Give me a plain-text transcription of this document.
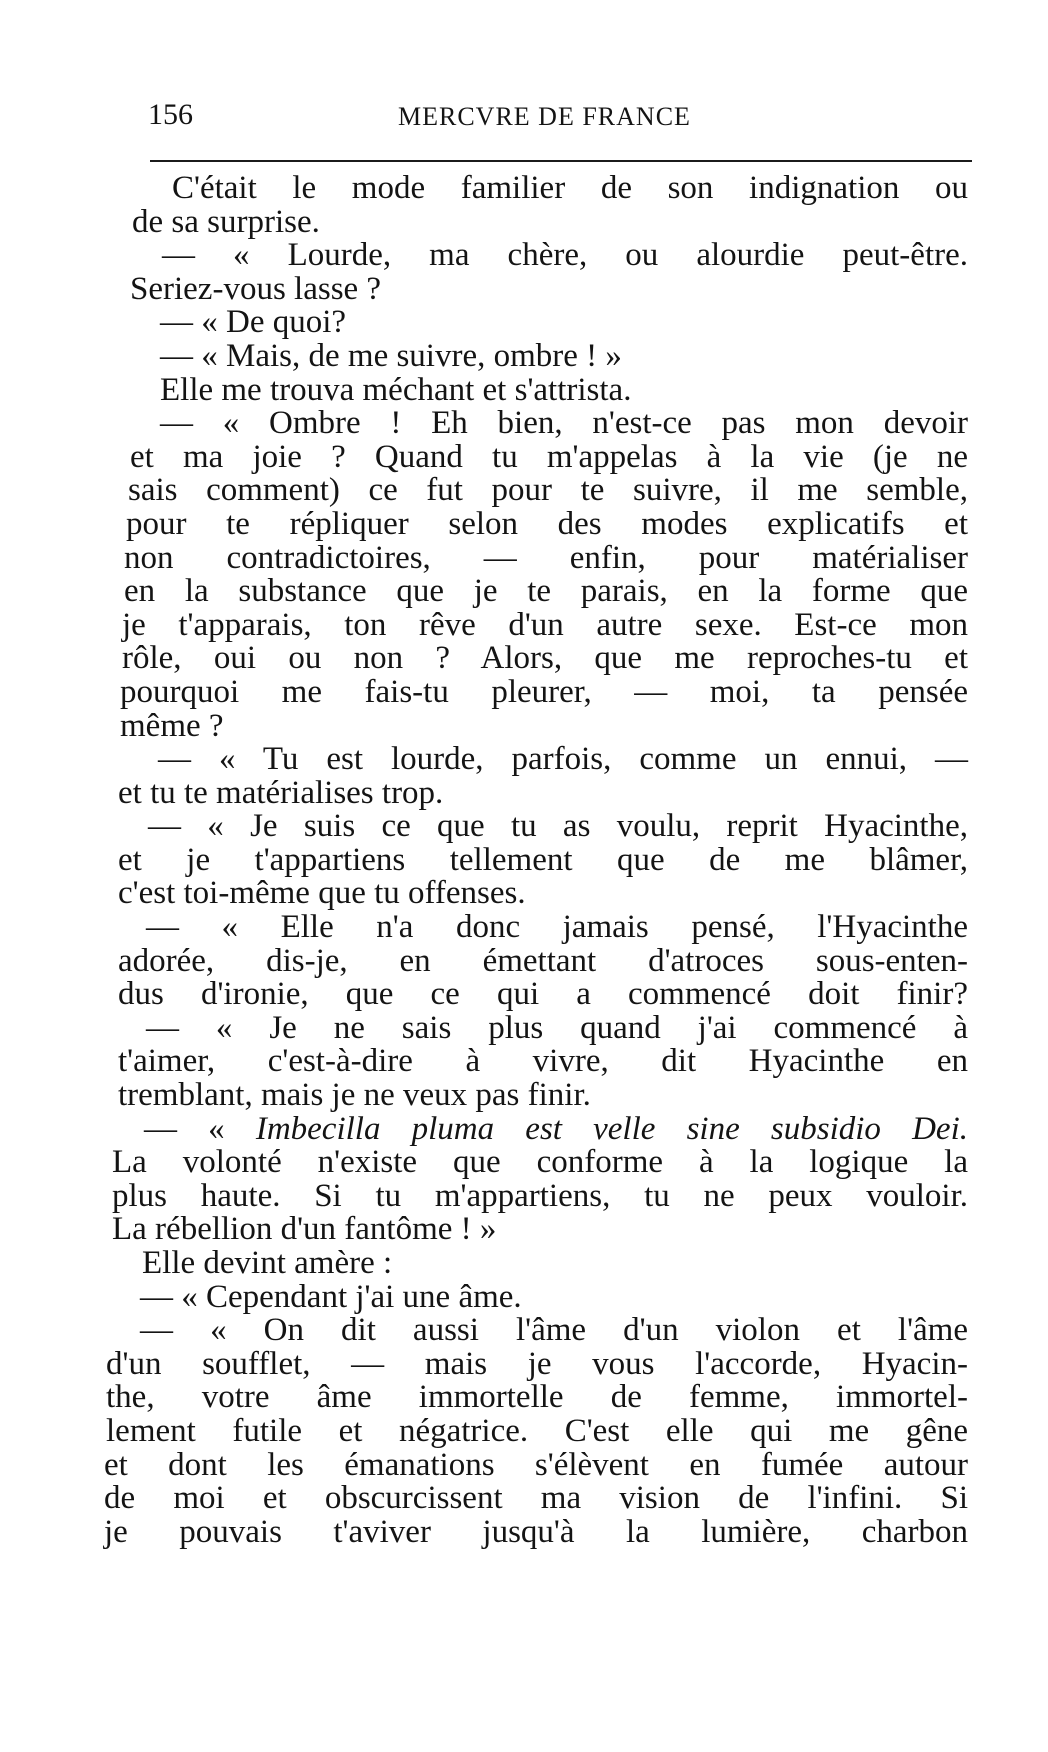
156	MERCVRE DE FRANCE
C'était le mode familier de son indignation ou
de sa surprise.
— « Lourde, ma chère, ou alourdie peut-être.
Seriez-vous lasse ?
— « De quoi?
— « Mais, de me suivre, ombre ! »
Elle me trouva méchant et s'attrista.
— « Ombre ! Eh bien, n'est-ce pas mon devoir
et ma joie ? Quand tu m'appelas à la vie (je ne
sais comment) ce fut pour te suivre, il me semble,
pour te répliquer selon des modes explicatifs et
non contradictoires, — enfin, pour matérialiser
en la substance que je te parais, en la forme que
je t'apparais, ton rêve d'un autre sexe. Est-ce mon
rôle, oui ou non ? Alors, que me reproches-tu et
pourquoi me fais-tu pleurer, — moi, ta pensée
même ?
— « Tu est lourde, parfois, comme un ennui, —
et tu te matérialises trop.
— « Je suis ce que tu as voulu, reprit Hyacinthe,
et je t'appartiens tellement que de me blâmer,
c'est toi-même que tu offenses.
— « Elle n'a donc jamais pensé, l'Hyacinthe
adorée, dis-je, en émettant d'atroces sous-enten-
dus d'ironie, que ce qui a commencé doit finir?
— « Je ne sais plus quand j'ai commencé à
t'aimer, c'est-à-dire à vivre, dit Hyacinthe en
tremblant, mais je ne veux pas finir.
— « Imbecilla pluma est velle sine subsidio Dei.
La volonté n'existe que conforme à la logique la
plus haute. Si tu m'appartiens, tu ne peux vouloir.
La rébellion d'un fantôme ! »
Elle devint amère :
— « Cependant j'ai une âme.
— « On dit aussi l'âme d'un violon et l'âme
d'un soufflet, — mais je vous l'accorde, Hyacin-
the, votre âme immortelle de femme, immortel-
lement futile et négatrice. C'est elle qui me gêne
et dont les émanations s'élèvent en fumée autour
de moi et obscurcissent ma vision de l'infini. Si
je pouvais t'aviver jusqu'à la lumière, charbon
